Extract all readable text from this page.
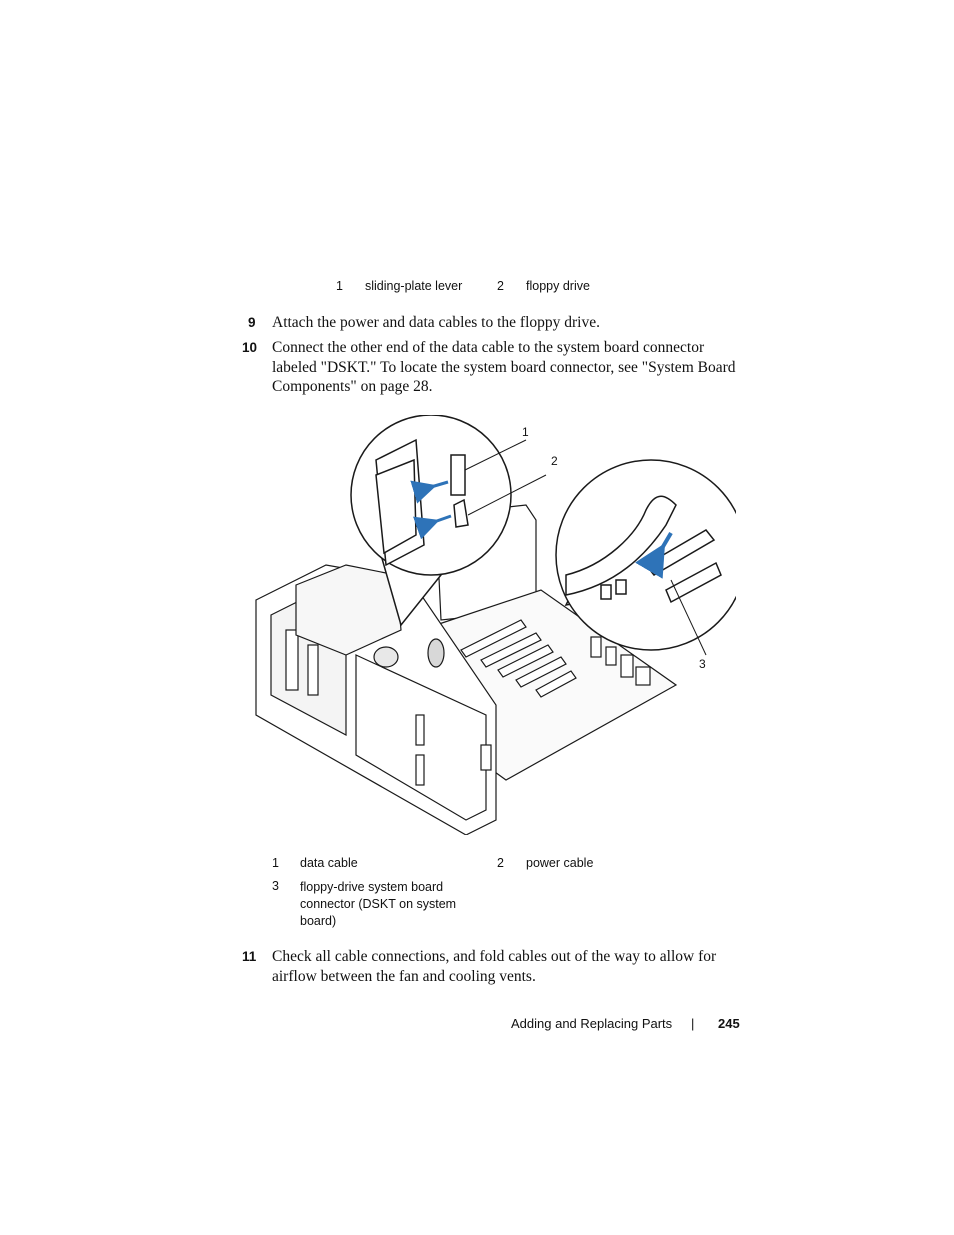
1 sliding-plate lever	2 floppy drive
9 Attach the power and data cables to the floppy drive.
10 Connect the other end of the data cable to the system board connector labeled "DSKT." To locate the system board connector, see "System Board Components" on page 28.
1
2
3
1 data cable	2 power cable
3 floppy-drive system board connector (DSKT on system board)
11 Check all cable connections, and fold cables out of the way to allow for airflow between the fan and cooling vents.
Adding and Replacing Parts | 245
